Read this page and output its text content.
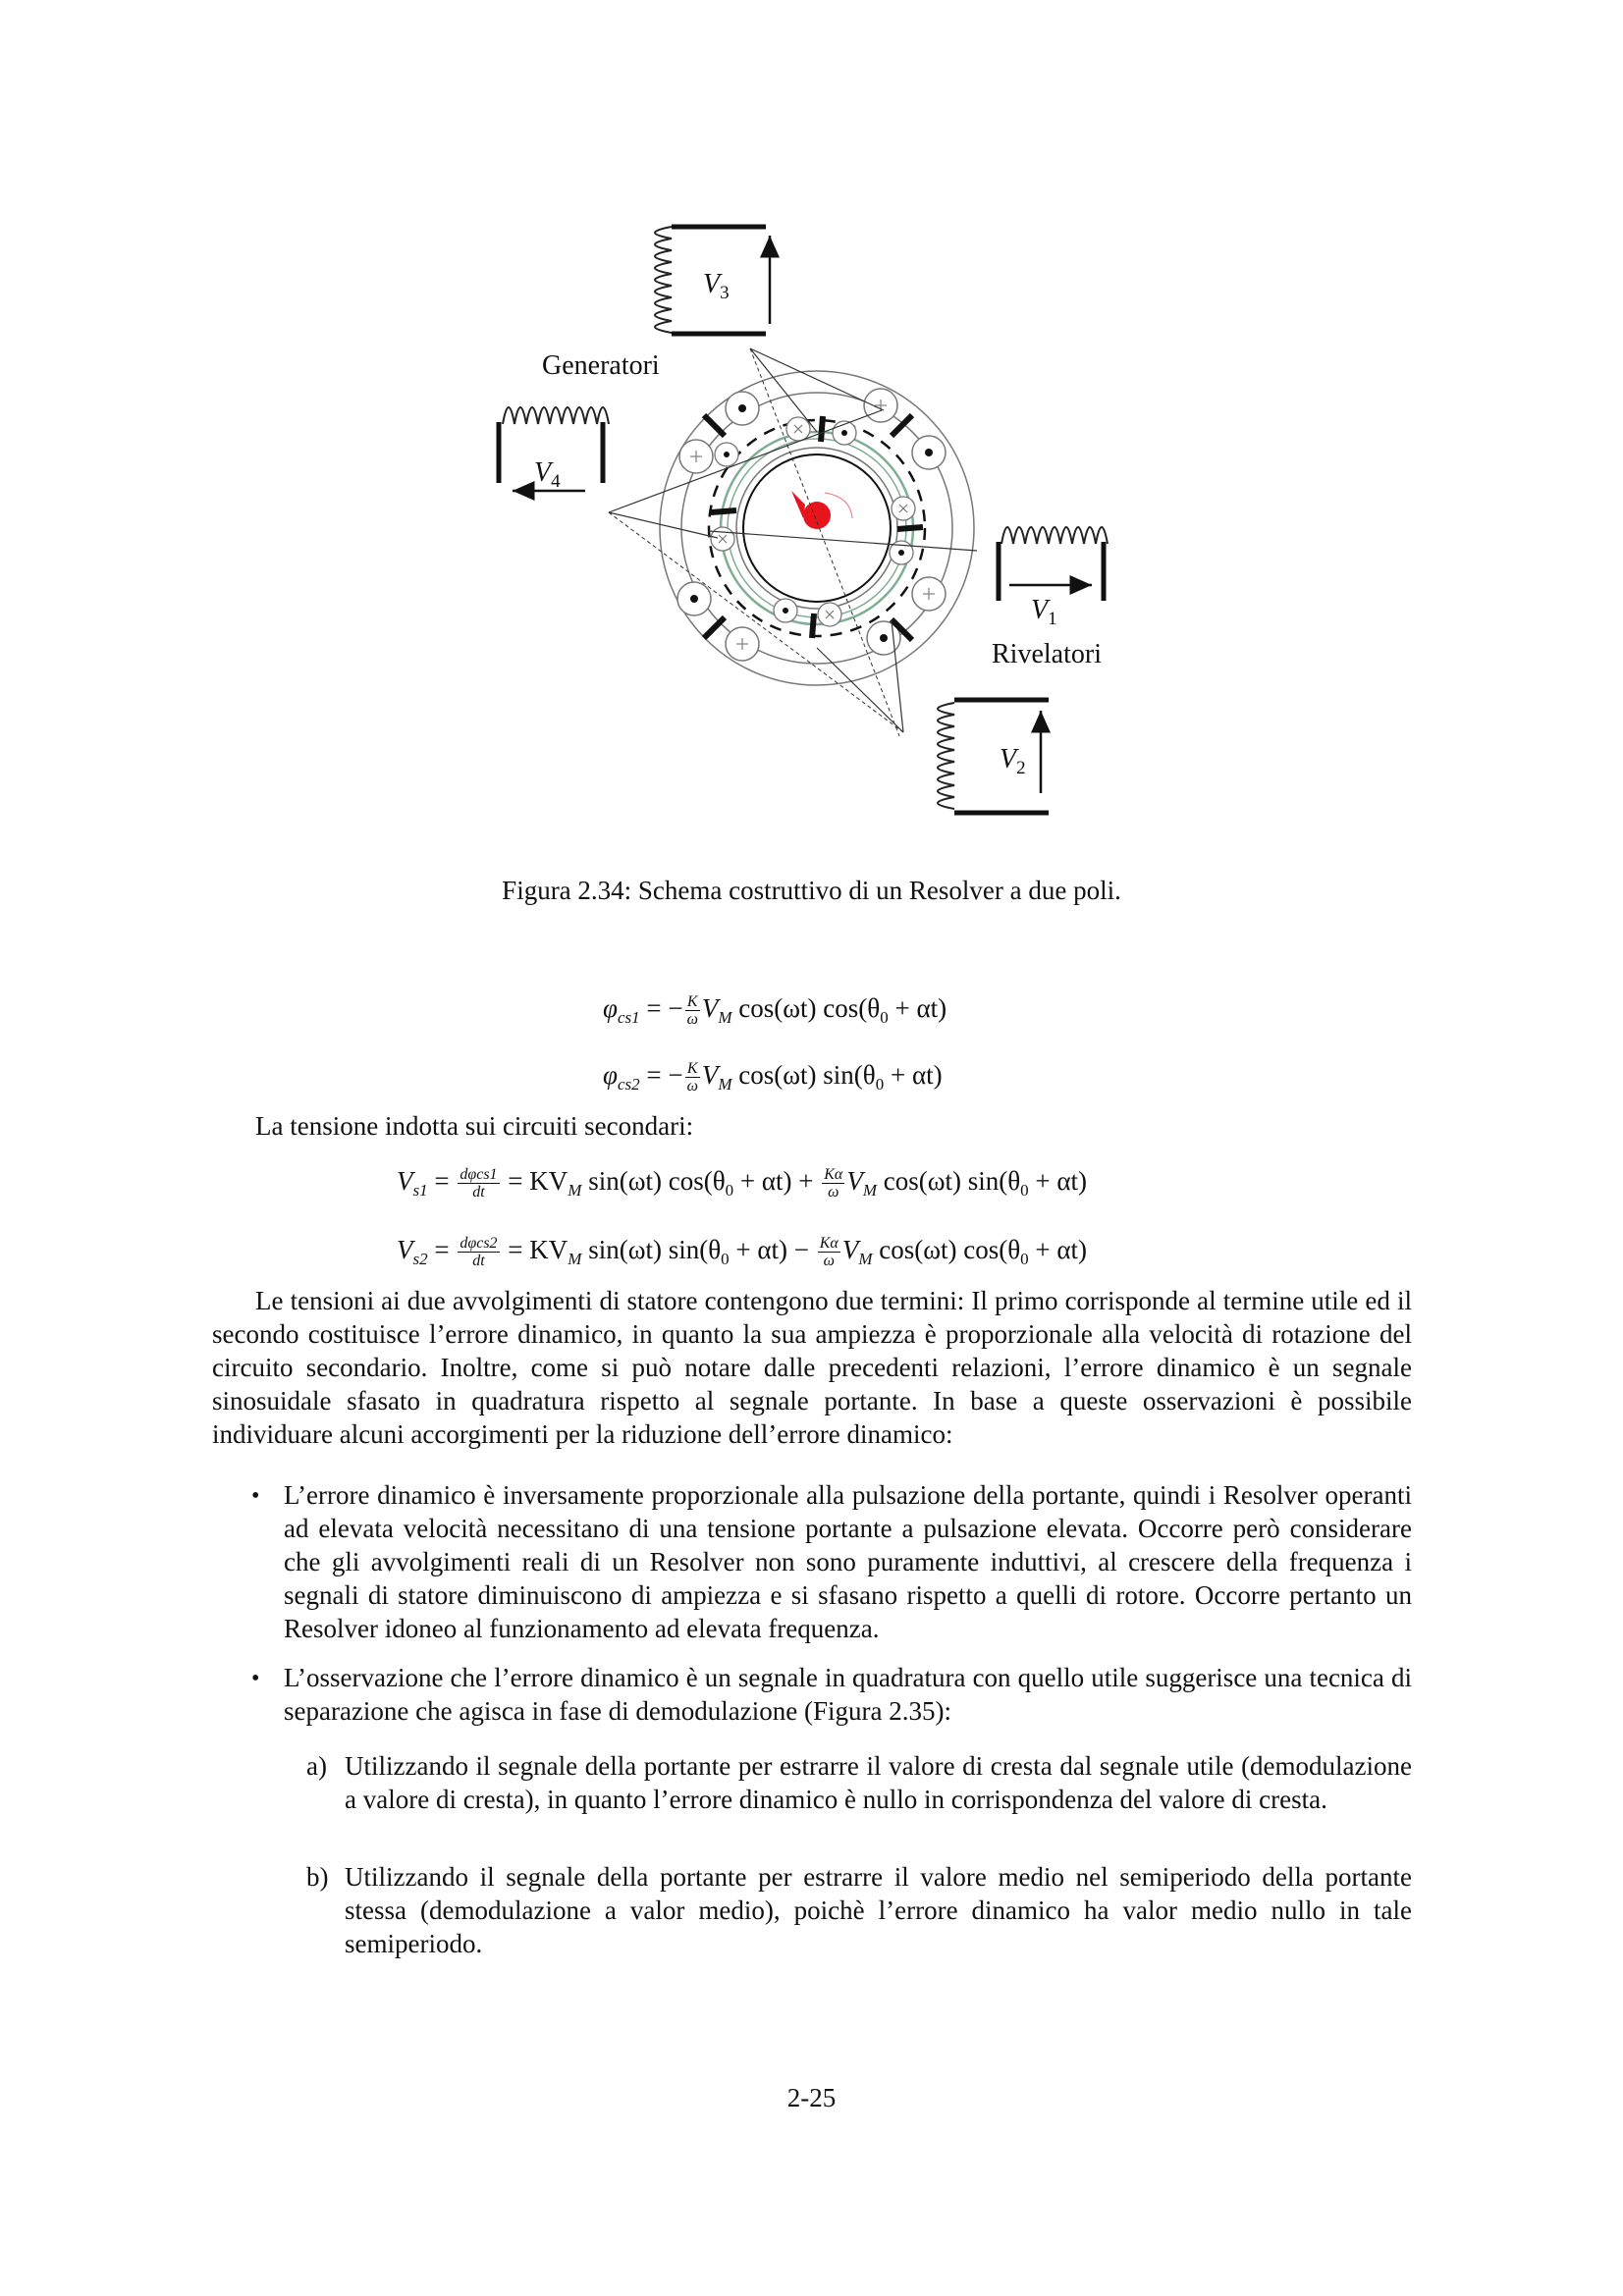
$V_3$
Generatori
$V_4$
$V_1$
Rivelatori
$V_2$
Figura 2.34: Schema costruttivo di un Resolver a due poli.
$\varphi_{cs1}$ = − $\frac{K}{\omega} V_M$ cos(ωt) $\cos(\theta_0 + \alpha t)$
$\varphi_{cs2}$ = − $\frac{K}{\omega} V_M$ cos(ωt) $\sin(\theta_0 + \alpha t)$
La tensione indotta sui circuiti secondari:
$V_{s1} = \frac{\text{dφcs1}}{dt} = KV_M$ sin(ωt) $\cos(\theta_0 + \alpha t) + \frac{K\alpha}{\omega} V_M$ cos(ωt) $\sin(\theta_0 + \alpha t)$
$V_{s2} = \frac{\text{dφcs2}}{dt} = KV_M$ sin(ωt) $\sin(\theta_0 + \alpha t) - \frac{K\alpha}{\omega} V_M$ cos(ωt) $\cos(\theta_0 + \alpha t)$
Le tensioni ai due avvolgimenti di statore contengono due termini: Il primo corrisponde al termine utile ed il secondo costituisce l’errore dinamico, in quanto la sua ampiezza è proporzionale alla velocità di rotazione del circuito secondario. Inoltre, come si può notare dalle precedenti relazioni, l’errore dinamico è un segnale sinosuidale sfasato in quadratura rispetto al segnale portante. In base a queste osservazioni è possibile individuare alcuni accorgimenti per la riduzione dell’errore dinamico:
• L’errore dinamico è inversamente proporzionale alla pulsazione della portante, quindi i Resolver operanti ad elevata velocità necessitano di una tensione portante a pulsazione elevata. Occorre però considerare che gli avvolgimenti reali di un Resolver non sono puramente induttivi, al crescere della frequenza i segnali di statore diminuiscono di ampiezza e si sfasano rispetto a quelli di rotore. Occorre pertanto un Resolver idoneo al funzionamento ad elevata frequenza.
• L’osservazione che l’errore dinamico è un segnale in quadratura con quello utile suggerisce una tecnica di separazione che agisca in fase di demodulazione (Figura 2.35):
a) Utilizzando il segnale della portante per estrarre il valore di cresta dal segnale utile (demodulazione a valore di cresta), in quanto l’errore dinamico è nullo in corrispondenza del valore di cresta.
b) Utilizzando il segnale della portante per estrarre il valore medio nel semiperiodo della portante stessa (demodulazione a valor medio), poichè l’errore dinamico ha valor medio nullo in tale semiperiodo.
2-25
